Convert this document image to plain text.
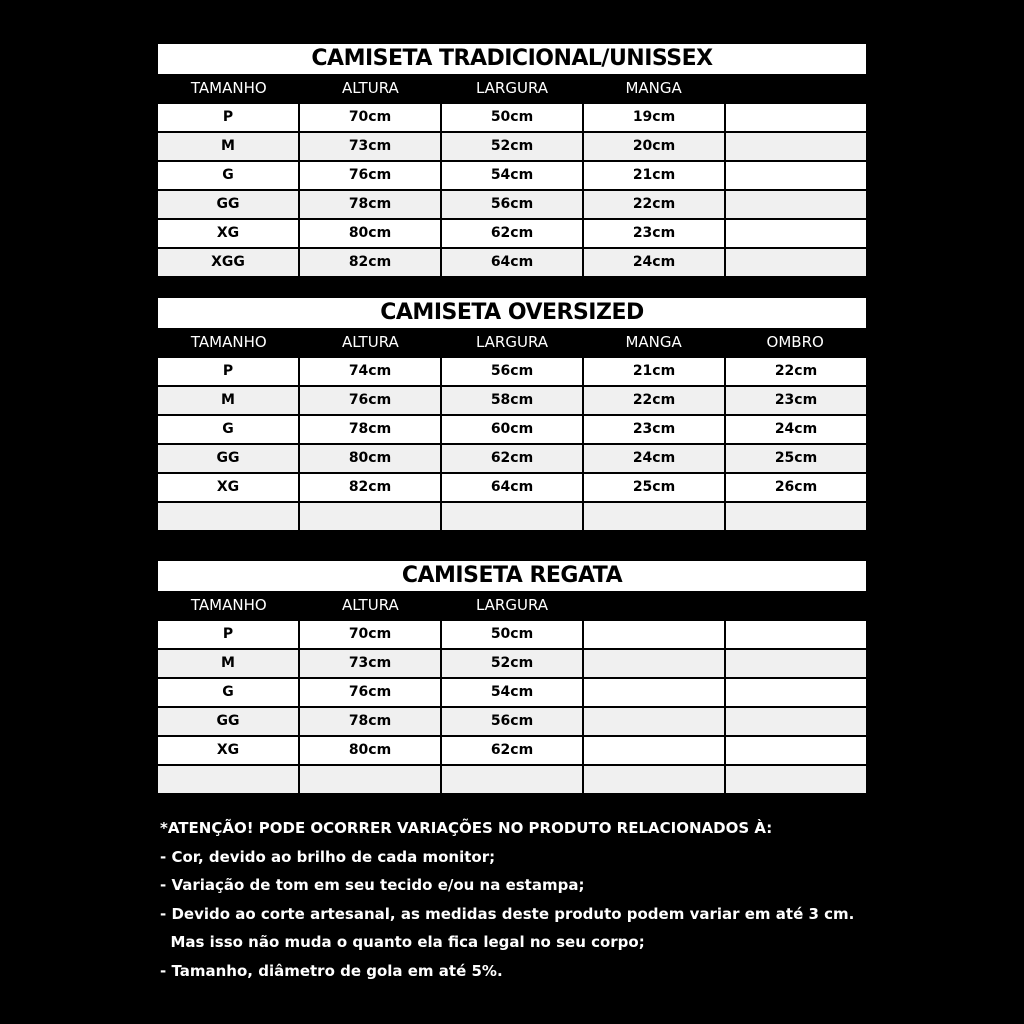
CAMISETA TRADICIONAL/UNISSEX
TAMANHO	ALTURA	LARGURA	MANGA
P	70cm	50cm	19cm
M	73cm	52cm	20cm
G	76cm	54cm	21cm
GG	78cm	56cm	22cm
XG	80cm	62cm	23cm
XGG	82cm	64cm	24cm
CAMISETA OVERSIZED
TAMANHO	ALTURA	LARGURA	MANGA	OMBRO
P	74cm	56cm	21cm	22cm
M	76cm	58cm	22cm	23cm
G	78cm	60cm	23cm	24cm
GG	80cm	62cm	24cm	25cm
XG	82cm	64cm	25cm	26cm
CAMISETA REGATA
TAMANHO	ALTURA	LARGURA
P	70cm	50cm
M	73cm	52cm
G	76cm	54cm
GG	78cm	56cm
XG	80cm	62cm
*ATENÇÃO! PODE OCORRER VARIAÇÕES NO PRODUTO RELACIONADOS À:
- Cor, devido ao brilho de cada monitor;
- Variação de tom em seu tecido e/ou na estampa;
- Devido ao corte artesanal, as medidas deste produto podem variar em até 3 cm.
Mas isso não muda o quanto ela fica legal no seu corpo;
- Tamanho, diâmetro de gola em até 5%.
